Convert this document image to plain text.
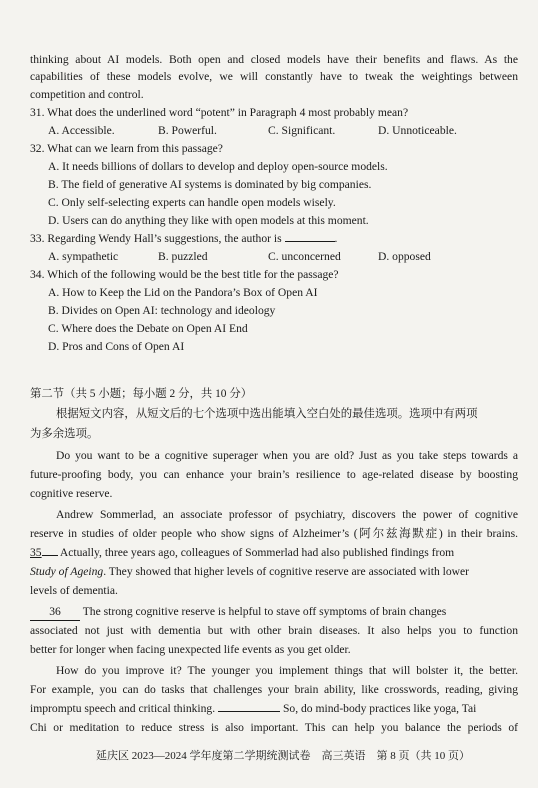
thinking about AI models. Both open and closed models have their benefits and flaws. As the
capabilities of these models evolve, we will constantly have to tweak the weightings between
competition and control.
31. What does the underlined word “potent” in Paragraph 4 most probably mean?
A. Accessible.	B. Powerful.	C. Significant.	D. Unnoticeable.
32. What can we learn from this passage?
A. It needs billions of dollars to develop and deploy open-source models.
B. The field of generative AI systems is dominated by big companies.
C. Only self-selecting experts can handle open models wisely.
D. Users can do anything they like with open models at this moment.
33. Regarding Wendy Hall’s suggestions, the author is	.
A. sympathetic	B. puzzled	C. unconcerned	D. opposed
34. Which of the following would be the best title for the passage?
A. How to Keep the Lid on the Pandora’s Box of Open AI
B. Divides on Open AI: technology and ideology
C. Where does the Debate on Open AI End
D. Pros and Cons of Open AI
第二节（共 5 小题；每小题 2 分，共 10 分）
根据短文内容，从短文后的七个选项中选出能填入空白处的最佳选项。选项中有两项
为多余选项。
Do you want to be a cognitive superager when you are old? Just as you take steps towards a
future-proofing body, you can enhance your brain’s resilience to age-related disease by boosting
cognitive reserve.
Andrew Sommerlad, an associate professor of psychiatry, discovers the power of cognitive
reserve in studies of older people who show signs of Alzheimer’s (阿尔兹海默症) in their brains.
35 Actually, three years ago, colleagues of Sommerlad had also published findings from
Study of Ageing. They showed that higher levels of cognitive reserve are associated with lower
levels of dementia.
36 The strong cognitive reserve is helpful to stave off symptoms of brain changes
associated not just with dementia but with other brain diseases. It also helps you to function
better for longer when facing unexpected life events as you get older.
How do you improve it? The younger you implement things that will bolster it, the better.
For example, you can do tasks that challenges your brain ability, like crosswords, reading, giving
impromptu speech and critical thinking.	So, do mind-body practices like yoga, Tai
Chi or meditation to reduce stress is also important. This can help you balance the periods of
延庆区 2023—2024 学年度第二学期统测试卷　高三英语　第 8 页（共 10 页）
